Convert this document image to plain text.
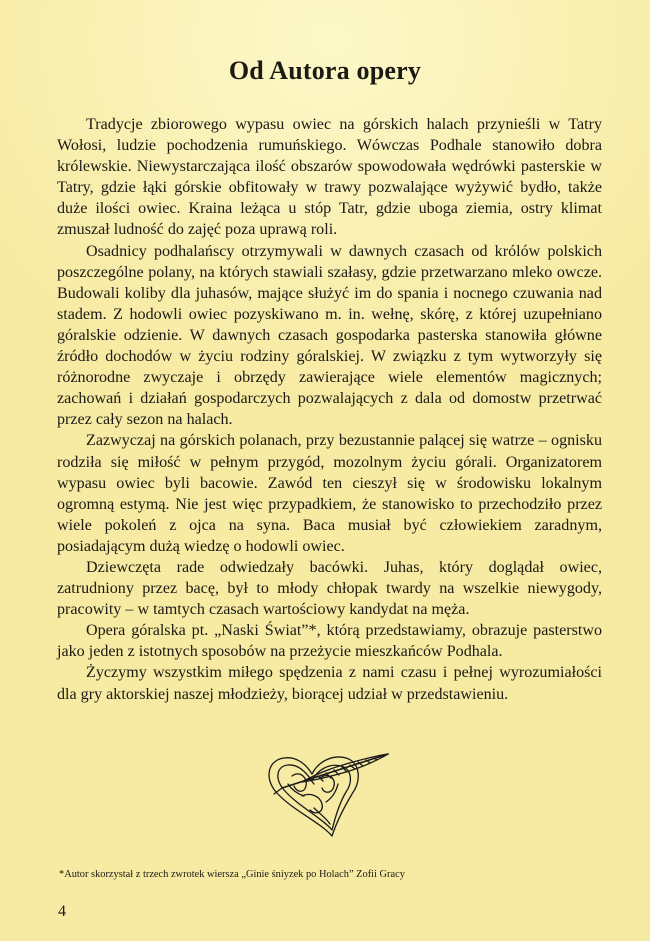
Od Autora opery

Tradycje zbiorowego wypasu owiec na górskich halach przynieśli w Tatry Wołosi, ludzie pochodzenia rumuńskiego. Wówczas Podhale stanowiło dobra królewskie. Niewystarczająca ilość obszarów spowodowała wędrówki pasterskie w Tatry, gdzie łąki górskie obfitowały w trawy pozwalające wyżywić bydło, także duże ilości owiec. Kraina leżąca u stóp Tatr, gdzie uboga ziemia, ostry klimat zmuszał ludność do zajęć poza uprawą roli.

Osadnicy podhalańscy otrzymywali w dawnych czasach od królów polskich poszczególne polany, na których stawiali szałasy, gdzie przetwarzano mleko owcze. Budowali koliby dla juhasów, mające służyć im do spania i nocnego czuwania nad stadem. Z hodowli owiec pozyskiwano m. in. wełnę, skórę, z której uzupełniano góralskie odzienie. W dawnych czasach gospodarka pasterska stanowiła główne źródło dochodów w życiu rodziny góralskiej. W związku z tym wytworzyły się różnorodne zwyczaje i obrzędy zawierające wiele elementów magicznych; zachowań i działań gospodarczych pozwalających z dala od domostw przetrwać przez cały sezon na halach.

Zazwyczaj na górskich polanach, przy bezustannie palącej się watrze – ognisku rodziła się miłość w pełnym przygód, mozolnym życiu górali. Organizatorem wypasu owiec byli bacowie. Zawód ten cieszył się w środowisku lokalnym ogromną estymą. Nie jest więc przypadkiem, że stanowisko to przechodziło przez wiele pokoleń z ojca na syna. Baca musiał być człowiekiem zaradnym, posiadającym dużą wiedzę o hodowli owiec.

Dziewczęta rade odwiedzały bacówki. Juhas, który doglądał owiec, zatrudniony przez bacę, był to młody chłopak twardy na wszelkie niewygody, pracowity – w tamtych czasach wartościowy kandydat na męża.

Opera góralska pt. „Naski Świat”*, którą przedstawiamy, obrazuje pasterstwo jako jeden z istotnych sposobów na przeżycie mieszkańców Podhala.

Życzymy wszystkim miłego spędzenia z nami czasu i pełnej wyrozumiałości dla gry aktorskiej naszej młodzieży, biorącej udział w przedstawieniu.

*Autor skorzystał z trzech zwrotek wiersza „Ginie śniyzek po Holach” Zofii Gracy
4
